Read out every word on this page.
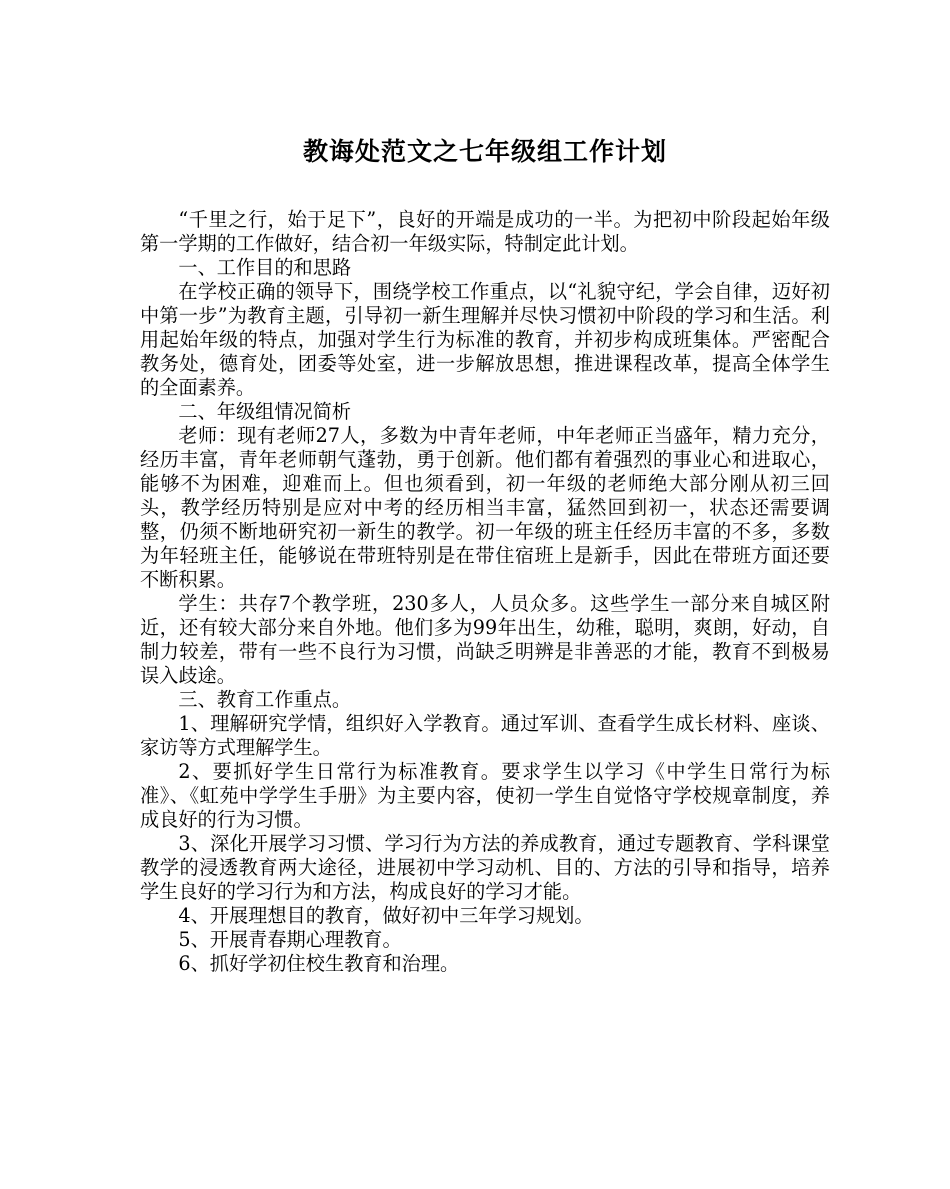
教诲处范文之七年级组工作计划

“千里之行，始于足下”，良好的开端是成功的一半。为把初中阶段起始年级第一学期的工作做好，结合初一年级实际，特制定此计划。

一、工作目的和思路

在学校正确的领导下，围绕学校工作重点，以“礼貌守纪，学会自律，迈好初中第一步”为教育主题，引导初一新生理解并尽快习惯初中阶段的学习和生活。利用起始年级的特点，加强对学生行为标准的教育，并初步构成班集体。严密配合教务处，德育处，团委等处室，进一步解放思想，推进课程改革，提高全体学生的全面素养。

二、年级组情况简析

老师：现有老师27人，多数为中青年老师，中年老师正当盛年，精力充分，经历丰富，青年老师朝气蓬勃，勇于创新。他们都有着强烈的事业心和进取心，能够不为困难，迎难而上。但也须看到，初一年级的老师绝大部分刚从初三回头，教学经历特别是应对中考的经历相当丰富，猛然回到初一，状态还需要调整，仍须不断地研究初一新生的教学。初一年级的班主任经历丰富的不多，多数为年轻班主任，能够说在带班特别是在带住宿班上是新手，因此在带班方面还要不断积累。

学生：共存7个教学班，230多人，人员众多。这些学生一部分来自城区附近，还有较大部分来自外地。他们多为99年出生，幼稚，聪明，爽朗，好动，自制力较差，带有一些不良行为习惯，尚缺乏明辨是非善恶的才能，教育不到极易误入歧途。

三、教育工作重点。

1、理解研究学情，组织好入学教育。通过军训、查看学生成长材料、座谈、家访等方式理解学生。

2、要抓好学生日常行为标准教育。要求学生以学习《中学生日常行为标准》、《虹苑中学学生手册》为主要内容，使初一学生自觉恪守学校规章制度，养成良好的行为习惯。

3、深化开展学习习惯、学习行为方法的养成教育，通过专题教育、学科课堂教学的浸透教育两大途径，进展初中学习动机、目的、方法的引导和指导，培养学生良好的学习行为和方法，构成良好的学习才能。

4、开展理想目的教育，做好初中三年学习规划。

5、开展青春期心理教育。

6、抓好学初住校生教育和治理。
